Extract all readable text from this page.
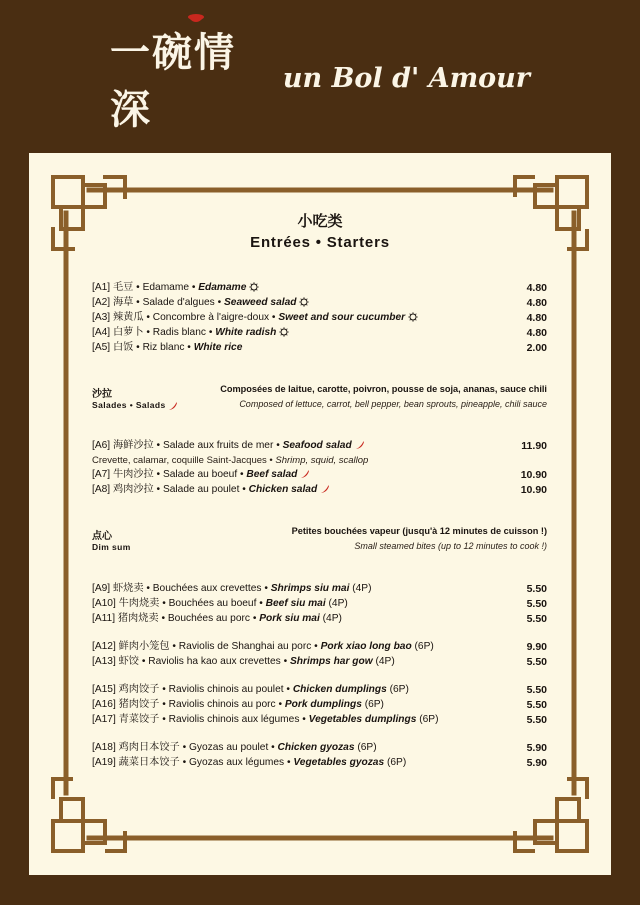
一碗情深
un Bol d' Amour
小吃类
Entrées • Starters
沙拉
Salades • Salads
Composées de laitue, carotte, poivron, pousse de soja, ananas, sauce chili
Composed of lettuce, carrot, bell pepper, bean sprouts, pineapple, chili sauce
点心
Dim sum
Petites bouchées vapeur (jusqu'à 12 minutes de cuisson !)
Small steamed bites (up to 12 minutes to cook !)
[A1] 毛豆 • Edamame • Edamame	4.80
[A2] 海草 • Salade d'algues • Seaweed salad	4.80
[A3] 辣黄瓜 • Concombre à l'aigre-doux • Sweet and sour cucumber	4.80
[A4] 白萝卜 • Radis blanc • White radish	4.80
[A5] 白饭 • Riz blanc • White rice	2.00
[A6] 海鲜沙拉 • Salade aux fruits de mer • Seafood salad	11.90
Crevette, calamar, coquille Saint-Jacques • Shrimp, squid, scallop
[A7] 牛肉沙拉 • Salade au boeuf • Beef salad	10.90
[A8] 鸡肉沙拉 • Salade au poulet • Chicken salad	10.90
[A9] 虾烧卖 • Bouchées aux crevettes • Shrimps siu mai (4P)	5.50
[A10] 牛肉烧卖 • Bouchées au boeuf • Beef siu mai (4P)	5.50
[A11] 猪肉烧卖 • Bouchées au porc • Pork siu mai (4P)	5.50
[A12] 鲜肉小笼包 • Raviolis de Shanghai au porc • Pork xiao long bao (6P)	9.90
[A13] 虾饺 • Raviolis ha kao aux crevettes • Shrimps har gow (4P)	5.50
[A15] 鸡肉饺子 • Raviolis chinois au poulet • Chicken dumplings (6P)	5.50
[A16] 猪肉饺子 • Raviolis chinois au porc • Pork dumplings (6P)	5.50
[A17] 青菜饺子 • Raviolis chinois aux légumes • Vegetables dumplings (6P)	5.50
[A18] 鸡肉日本饺子 • Gyozas au poulet • Chicken gyozas (6P)	5.90
[A19] 蔬菜日本饺子 • Gyozas aux légumes • Vegetables gyozas (6P)	5.90
